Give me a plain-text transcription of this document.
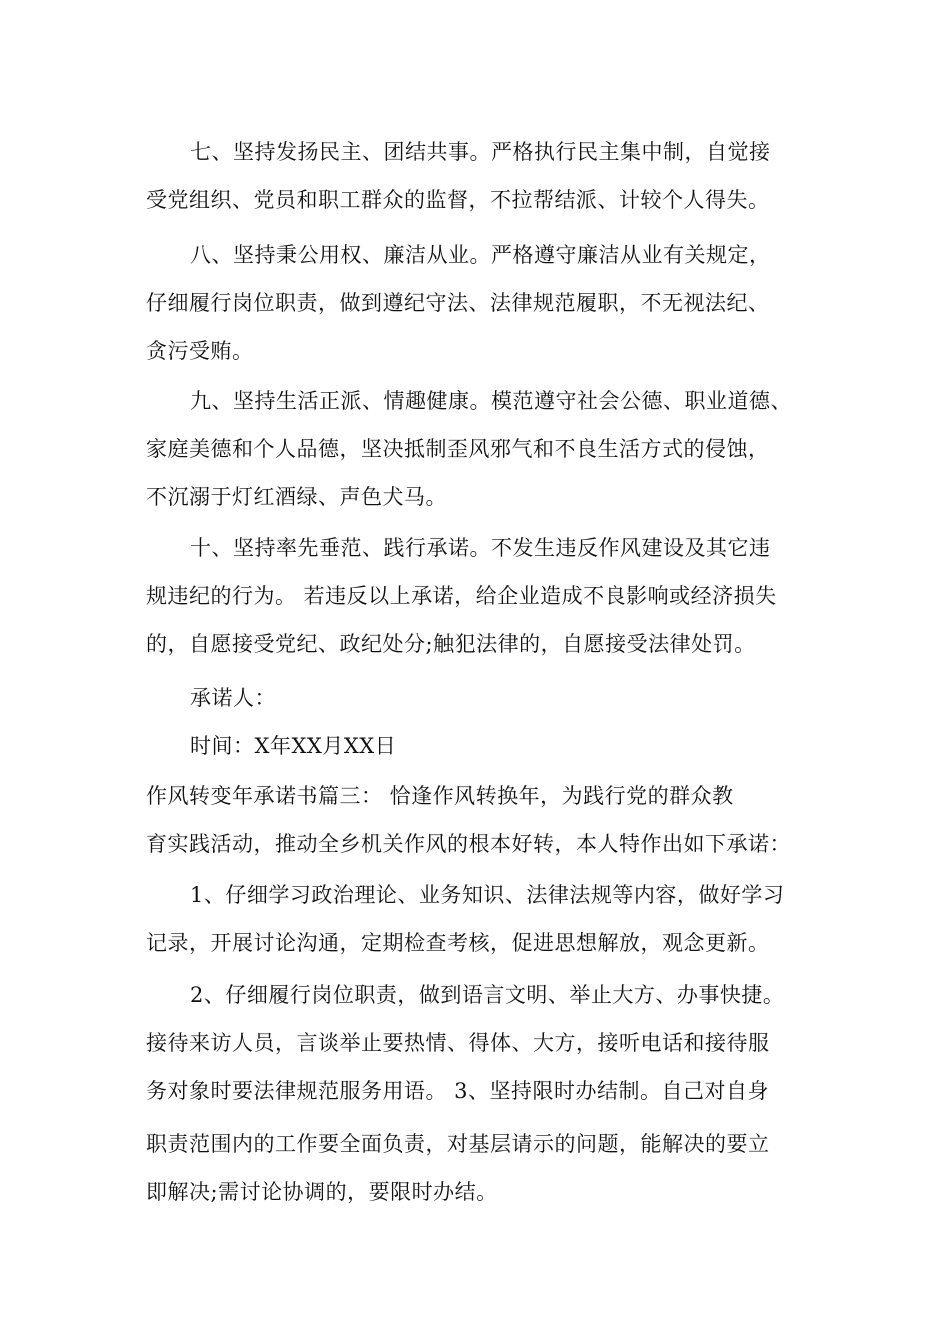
七、坚持发扬民主、团结共事。严格执行民主集中制，自觉接
受党组织、党员和职工群众的监督，不拉帮结派、计较个人得失。
八、坚持秉公用权、廉洁从业。严格遵守廉洁从业有关规定，
仔细履行岗位职责，做到遵纪守法、法律规范履职，不无视法纪、
贪污受贿。
九、坚持生活正派、情趣健康。模范遵守社会公德、职业道德、
家庭美德和个人品德，坚决抵制歪风邪气和不良生活方式的侵蚀，
不沉溺于灯红酒绿、声色犬马。
十、坚持率先垂范、践行承诺。不发生违反作风建设及其它违
规违纪的行为。 若违反以上承诺，给企业造成不良影响或经济损失
的，自愿接受党纪、政纪处分;触犯法律的，自愿接受法律处罚。
承诺人：
时间：X年XX月XX日
作风转变年承诺书篇三： 恰逢作风转换年，为践行党的群众教
育实践活动，推动全乡机关作风的根本好转，本人特作出如下承诺：
1、仔细学习政治理论、业务知识、法律法规等内容，做好学习
记录，开展讨论沟通，定期检查考核，促进思想解放，观念更新。
2、仔细履行岗位职责，做到语言文明、举止大方、办事快捷。
接待来访人员，言谈举止要热情、得体、大方，接听电话和接待服
务对象时要法律规范服务用语。 3、坚持限时办结制。自己对自身
职责范围内的工作要全面负责，对基层请示的问题，能解决的要立
即解决;需讨论协调的，要限时办结。
